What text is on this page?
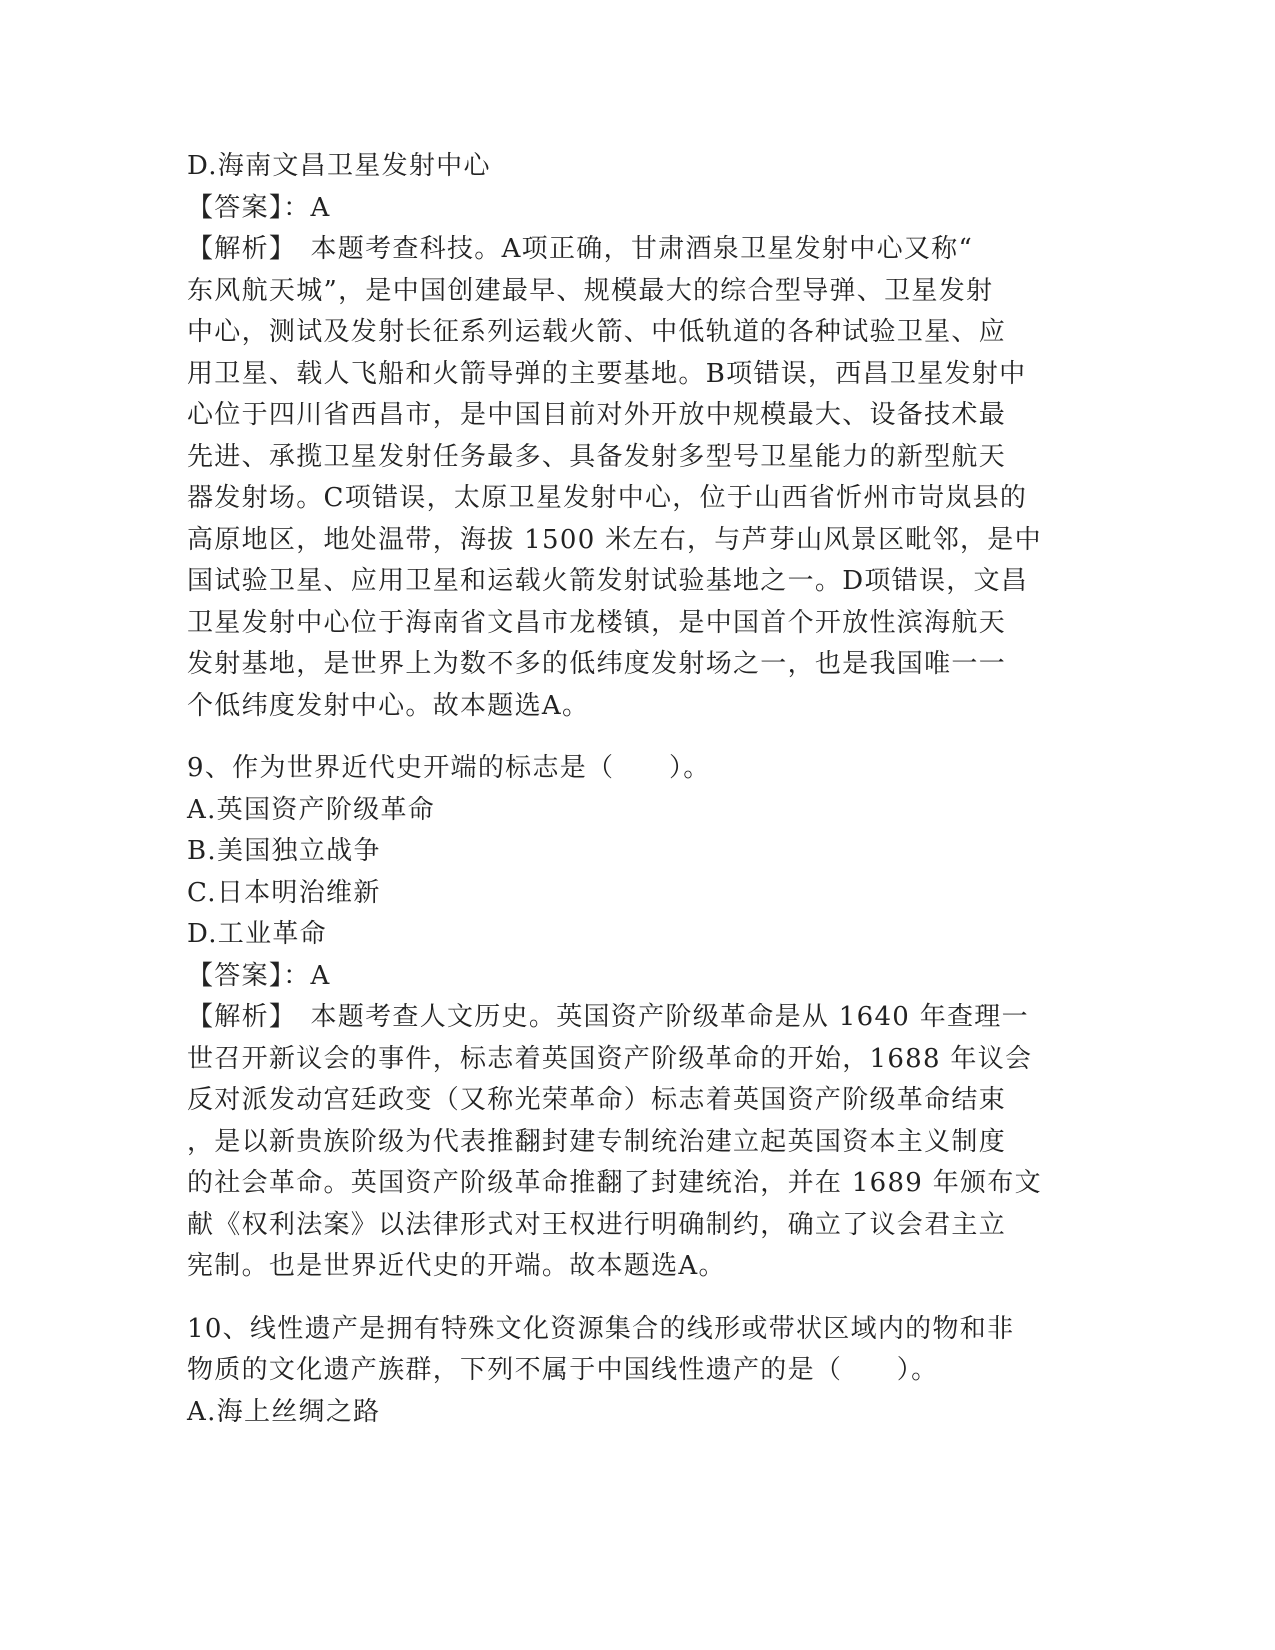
D.海南文昌卫星发射中心
【答案】：A
【解析】　本题考查科技。A项正确，甘肃酒泉卫星发射中心又称“
东风航天城”，是中国创建最早、规模最大的综合型导弹、卫星发射
中心，测试及发射长征系列运载火箭、中低轨道的各种试验卫星、应
用卫星、载人飞船和火箭导弹的主要基地。B项错误，西昌卫星发射中
心位于四川省西昌市，是中国目前对外开放中规模最大、设备技术最
先进、承揽卫星发射任务最多、具备发射多型号卫星能力的新型航天
器发射场。C项错误，太原卫星发射中心，位于山西省忻州市岢岚县的
高原地区，地处温带，海拔 1500 米左右，与芦芽山风景区毗邻，是中
国试验卫星、应用卫星和运载火箭发射试验基地之一。D项错误，文昌
卫星发射中心位于海南省文昌市龙楼镇，是中国首个开放性滨海航天
发射基地，是世界上为数不多的低纬度发射场之一，也是我国唯一一
个低纬度发射中心。故本题选A。
9、作为世界近代史开端的标志是（　　）。
A.英国资产阶级革命
B.美国独立战争
C.日本明治维新
D.工业革命
【答案】：A
【解析】　本题考查人文历史。英国资产阶级革命是从 1640 年查理一
世召开新议会的事件，标志着英国资产阶级革命的开始，1688 年议会
反对派发动宫廷政变（又称光荣革命）标志着英国资产阶级革命结束
，是以新贵族阶级为代表推翻封建专制统治建立起英国资本主义制度
的社会革命。英国资产阶级革命推翻了封建统治，并在 1689 年颁布文
献《权利法案》以法律形式对王权进行明确制约，确立了议会君主立
宪制。也是世界近代史的开端。故本题选A。
10、线性遗产是拥有特殊文化资源集合的线形或带状区域内的物和非
物质的文化遗产族群，下列不属于中国线性遗产的是（　　）。
A.海上丝绸之路
